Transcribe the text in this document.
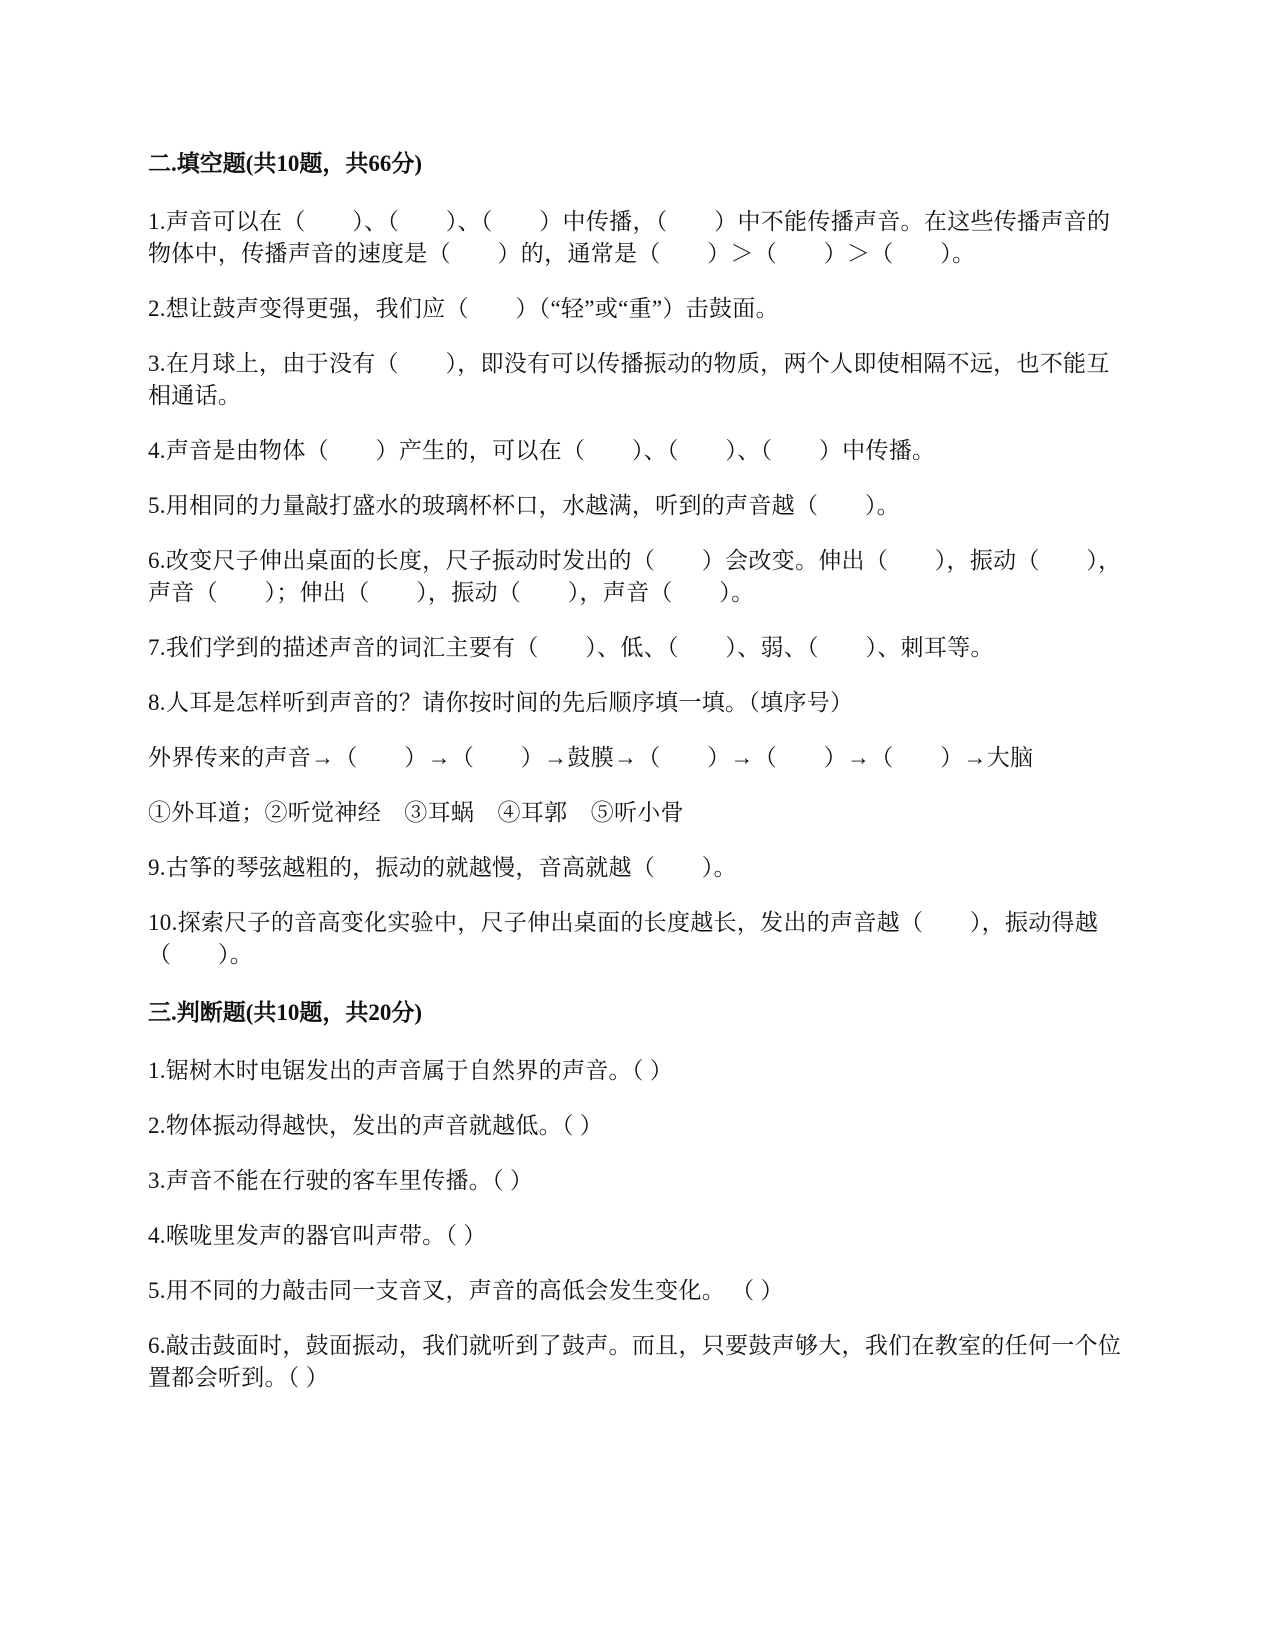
二.填空题(共10题，共66分)

1.声音可以在（　　）、（　　）、（　　）中传播，（　　）中不能传播声音。在这些传播声音的物体中，传播声音的速度是（　　）的，通常是（　　）＞（　　）＞（　　）。

2.想让鼓声变得更强，我们应（　　）（“轻”或“重”）击鼓面。

3.在月球上，由于没有（　　），即没有可以传播振动的物质，两个人即使相隔不远，也不能互相通话。

4.声音是由物体（　　）产生的，可以在（　　）、（　　）、（　　）中传播。

5.用相同的力量敲打盛水的玻璃杯杯口，水越满，听到的声音越（　　）。

6.改变尺子伸出桌面的长度，尺子振动时发出的（　　）会改变。伸出（　　），振动（　　），声音（　　）；伸出（　　），振动（　　），声音（　　）。

7.我们学到的描述声音的词汇主要有（　　）、低、（　　）、弱、（　　）、刺耳等。

8.人耳是怎样听到声音的？请你按时间的先后顺序填一填。（填序号）

外界传来的声音→（　　）→（　　）→鼓膜→（　　）→（　　）→（　　）→大脑

①外耳道；②听觉神经　③耳蜗　④耳郭　⑤听小骨

9.古筝的琴弦越粗的，振动的就越慢，音高就越（　　）。

10.探索尺子的音高变化实验中，尺子伸出桌面的长度越长，发出的声音越（　　），振动得越（　　）。

三.判断题(共10题，共20分)

1.锯树木时电锯发出的声音属于自然界的声音。（ ）

2.物体振动得越快，发出的声音就越低。（ ）

3.声音不能在行驶的客车里传播。（ ）

4.喉咙里发声的器官叫声带。（ ）

5.用不同的力敲击同一支音叉，声音的高低会发生变化。 （ ）

6.敲击鼓面时，鼓面振动，我们就听到了鼓声。而且，只要鼓声够大，我们在教室的任何一个位置都会听到。（ ）
